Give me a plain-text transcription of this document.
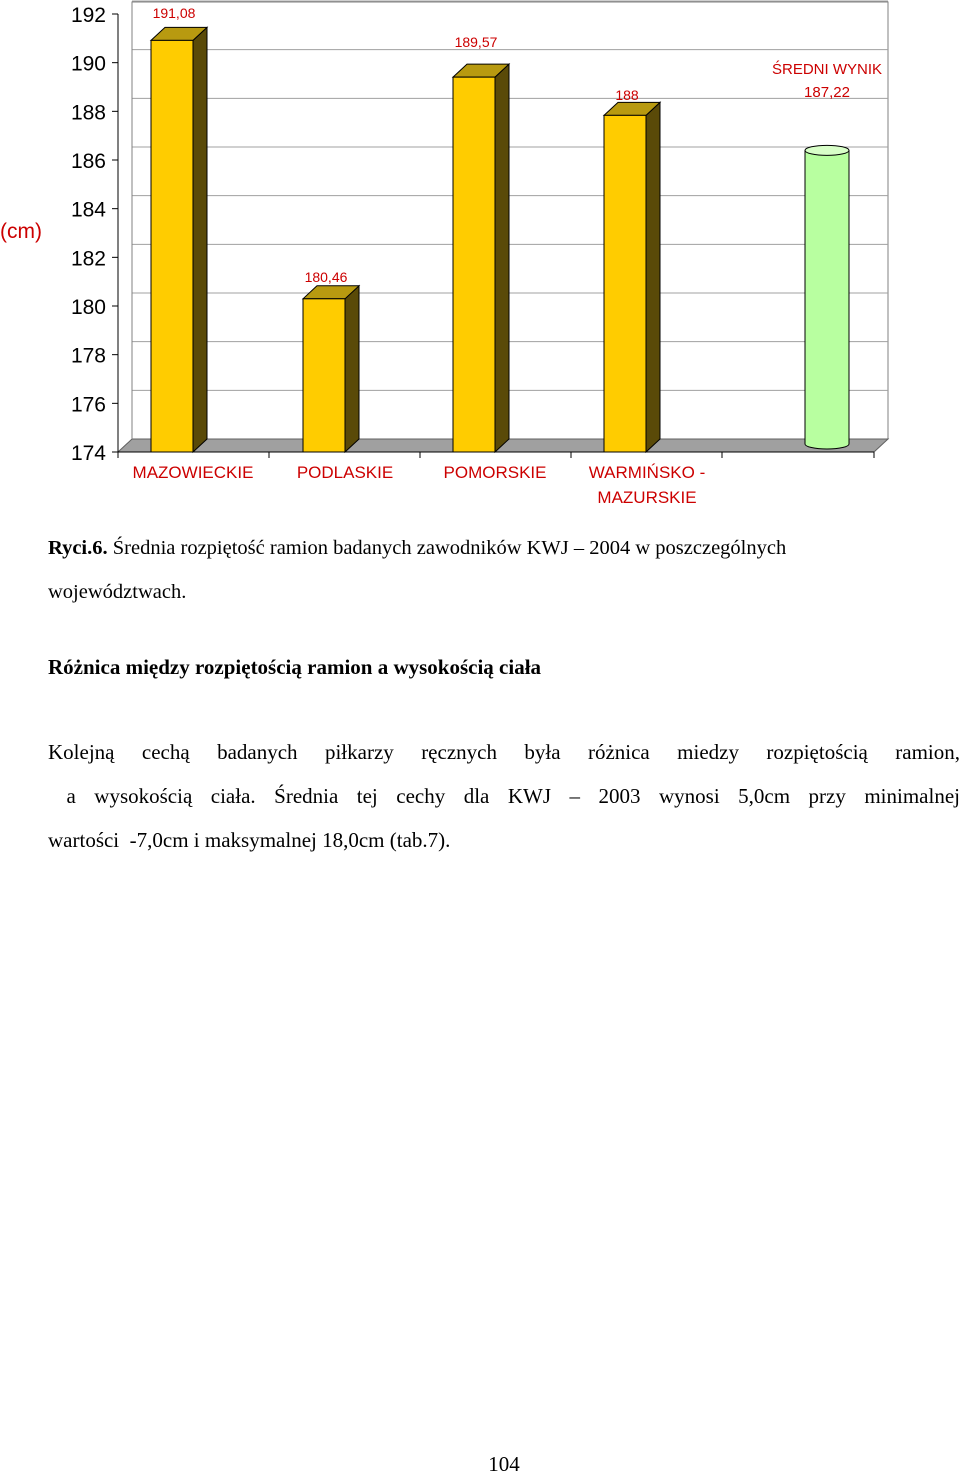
192
190
188
186
184
182
180
178
176
174
191,08
180,46
189,57
188
(cm)
MAZOWIECKIE	PODLASKIE	POMORSKIE WARMIŃSKO -
MAZURSKIE
ŚREDNI WYNIK
187,22
Ryci.6. Średnia rozpiętość ramion badanych zawodników KWJ – 2004 w poszczególnych
województwach.
Różnica między rozpiętością ramion a wysokością ciała
Kolejną cechą badanych piłkarzy ręcznych była różnica miedzy rozpiętością ramion,
a wysokością ciała. Średnia tej cechy dla KWJ – 2003 wynosi 5,0cm przy minimalnej
wartości  -7,0cm i maksymalnej 18,0cm (tab.7).
104
